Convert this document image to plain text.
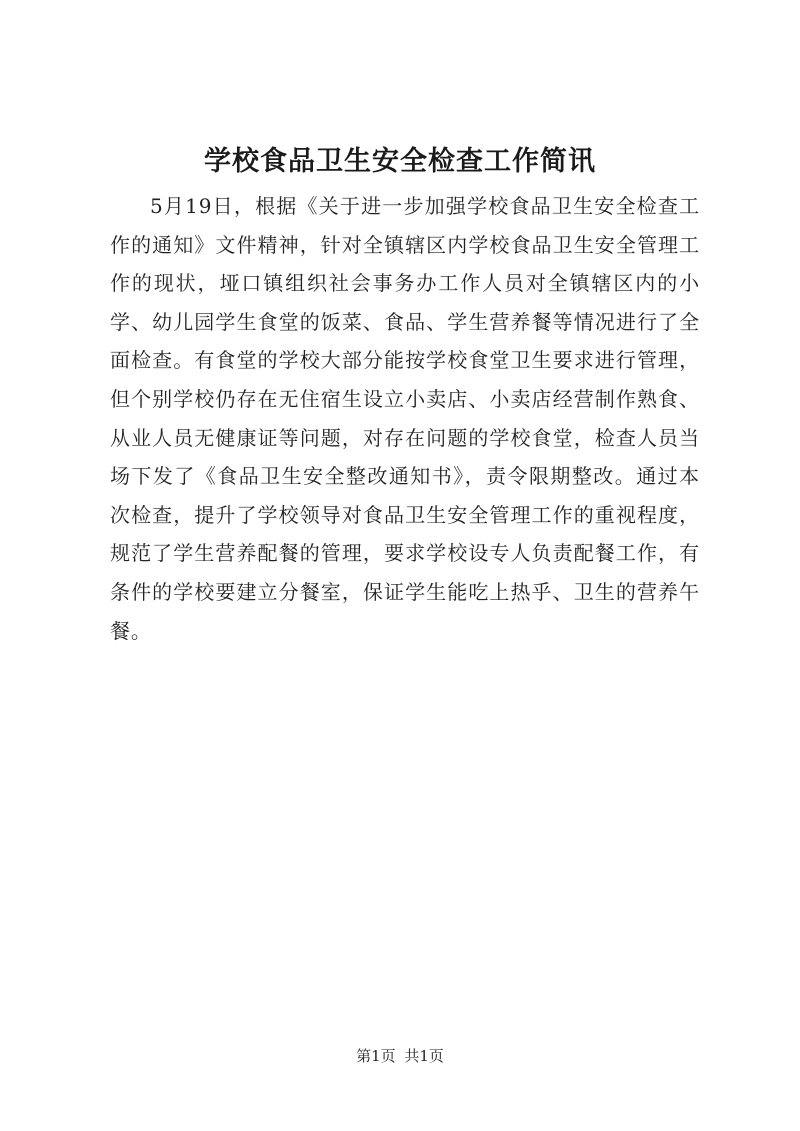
学校食品卫生安全检查工作简讯

5月19日，根据《关于进一步加强学校食品卫生安全检查工作的通知》文件精神，针对全镇辖区内学校食品卫生安全管理工作的现状，垭口镇组织社会事务办工作人员对全镇辖区内的小学、幼儿园学生食堂的饭菜、食品、学生营养餐等情况进行了全面检查。有食堂的学校大部分能按学校食堂卫生要求进行管理，但个别学校仍存在无住宿生设立小卖店、小卖店经营制作熟食、从业人员无健康证等问题，对存在问题的学校食堂，检查人员当场下发了《食品卫生安全整改通知书》，责令限期整改。通过本次检查，提升了学校领导对食品卫生安全管理工作的重视程度，规范了学生营养配餐的管理，要求学校设专人负责配餐工作，有条件的学校要建立分餐室，保证学生能吃上热乎、卫生的营养午餐。

第1页 共1页
